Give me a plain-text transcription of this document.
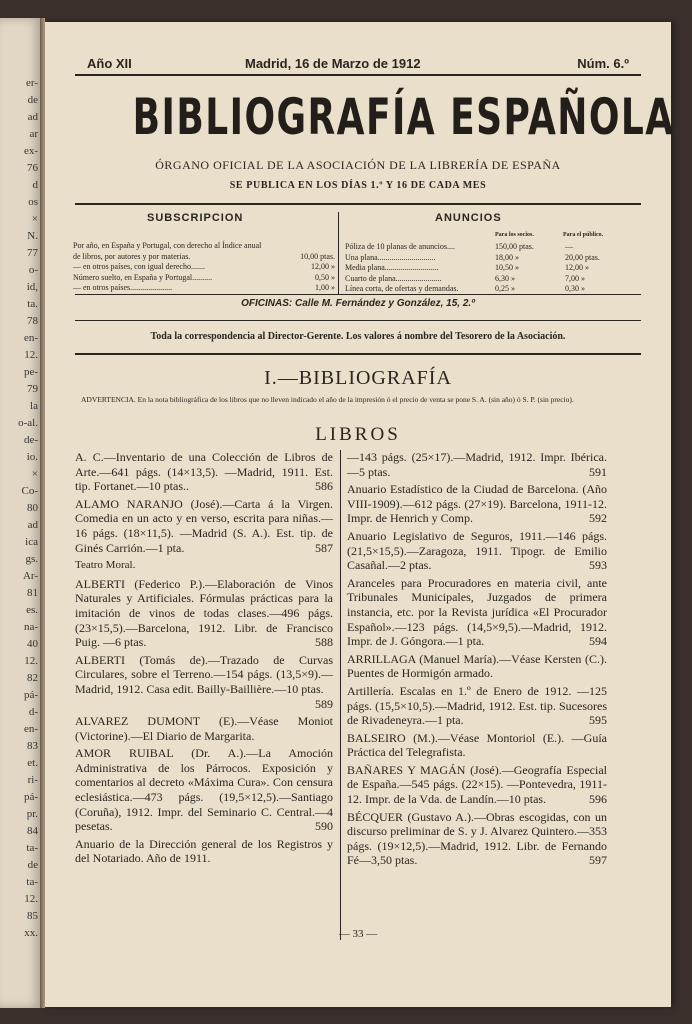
er-
de
ad
ar
ex-
76
d
os
×
N.
77
o-
id,
ta.
78
en-
12.
pe-
79
la
o-al.
de-
io.
×
Co-
80
ad
ica
gs.
Ar-
81
es.
na-
40
12.
82
pá-
d-
en-
83
et.
ri-
pá-
pr.
84
ta-
de
ta-
12.
85
xx.
Año XII	Madrid, 16 de Marzo de 1912	Núm. 6.º
BIBLIOGRAFÍA ESPAÑOLA
ÓRGANO OFICIAL DE LA ASOCIACIÓN DE LA LIBRERÍA DE ESPAÑA
SE PUBLICA EN LOS DÍAS 1.º Y 16 DE CADA MES
SUBSCRIPCION	ANUNCIOS
Por año, en España y Portugal, con derecho al Índice anual
de libros, por autores y por materias.	10,00 ptas.
— en otros países, con igual derecho.......	12,00 »
Número suelto, en España y Portugal..........	0,50 »
— en otros países.....................	1,00 »
Para los socios.	Para el público.
Póliza de 10 planas de anuncios....	150,00 ptas.	—
Una plana.............................	18,00 »	20,00 ptas.
Media plana...........................	10,50 »	12,00 »
Cuarto de plana.......................	6,30 »	7,00 »
Línea corta, de ofertas y demandas.	0,25 »	0,30 »
OFICINAS: Calle M. Fernández y González, 15, 2.º
Toda la correspondencia al Director-Gerente. Los valores á nombre del Tesorero de la Asociación.
I.—BIBLIOGRAFÍA
ADVERTENCIA. En la nota bibliográfica de los libros que no lleven indicado el año de la impresión ó el precio de venta se pone S. A. (sin año) ó S. P. (sin precio).
LIBROS
A. C.—Inventario de una Colección de Libros de Arte.—641 págs. (14×13,5). —Madrid, 1911. Est. tip. Fortanet.—10 ptas..	586
ALAMO NARANJO (José).—Carta á la Virgen. Comedia en un acto y en verso, escrita para niñas.—16 págs. (18×11,5). —Madrid (S. A.). Est. tip. de Ginés Carrión.—1 pta.	587
Teatro Moral.
ALBERTI (Federico P.).—Elaboración de Vinos Naturales y Artificiales. Fórmulas prácticas para la imitación de vinos de todas clases.—496 págs. (23×15,5).—Barcelona, 1912. Libr. de Francisco Puig. —6 ptas.	588
ALBERTI (Tomás de).—Trazado de Curvas Circulares, sobre el Terreno.—154 págs. (13,5×9).—Madrid, 1912. Casa edit. Bailly-Baillière.—10 ptas.
589
ALVAREZ DUMONT (E).—Véase Moniot (Victorine).—El Diario de Margarita.
AMOR RUIBAL (Dr. A.).—La Amoción Administrativa de los Párrocos. Exposición y comentarios al decreto «Máxima Cura». Con censura eclesiástica.—473 págs. (19,5×12,5).—Santiago (Coruña), 1912. Impr. del Seminario C. Central.—4 pesetas.	590
Anuario de la Dirección general de los Registros y del Notariado. Año de 1911.
—143 págs. (25×17).—Madrid, 1912. Impr. Ibérica.—5 ptas.	591
Anuario Estadístico de la Ciudad de Barcelona. (Año VIII-1909).—612 págs. (27×19). Barcelona, 1911-12. Impr. de Henrich y Comp.	592
Anuario Legislativo de Seguros, 1911.—146 págs. (21,5×15,5).—Zaragoza, 1911. Tipogr. de Emilio Casañal.—2 ptas.	593
Aranceles para Procuradores en materia civil, ante Tribunales Municipales, Juzgados de primera instancia, etc. por la Revista jurídica «El Procurador Español».—123 págs. (14,5×9,5).—Madrid, 1912. Impr. de J. Góngora.—1 pta.	594
ARRILLAGA (Manuel María).—Véase Kersten (C.). Puentes de Hormigón armado.
Artillería. Escalas en 1.º de Enero de 1912. —125 págs. (15,5×10,5).—Madrid, 1912. Est. tip. Sucesores de Rivadeneyra.—1 pta.	595
BALSEIRO (M.).—Véase Montoriol (E.). —Guía Práctica del Telegrafista.
BAÑARES Y MAGÁN (José).—Geografía Especial de España.—545 págs. (22×15). —Pontevedra, 1911-12. Impr. de la Vda. de Landín.—10 ptas.	596
BÉCQUER (Gustavo A.).—Obras escogidas, con un discurso preliminar de S. y J. Alvarez Quintero.—353 págs. (19×12,5).—Madrid, 1912. Libr. de Fernando Fé—3,50 ptas.	597
— 33 —
